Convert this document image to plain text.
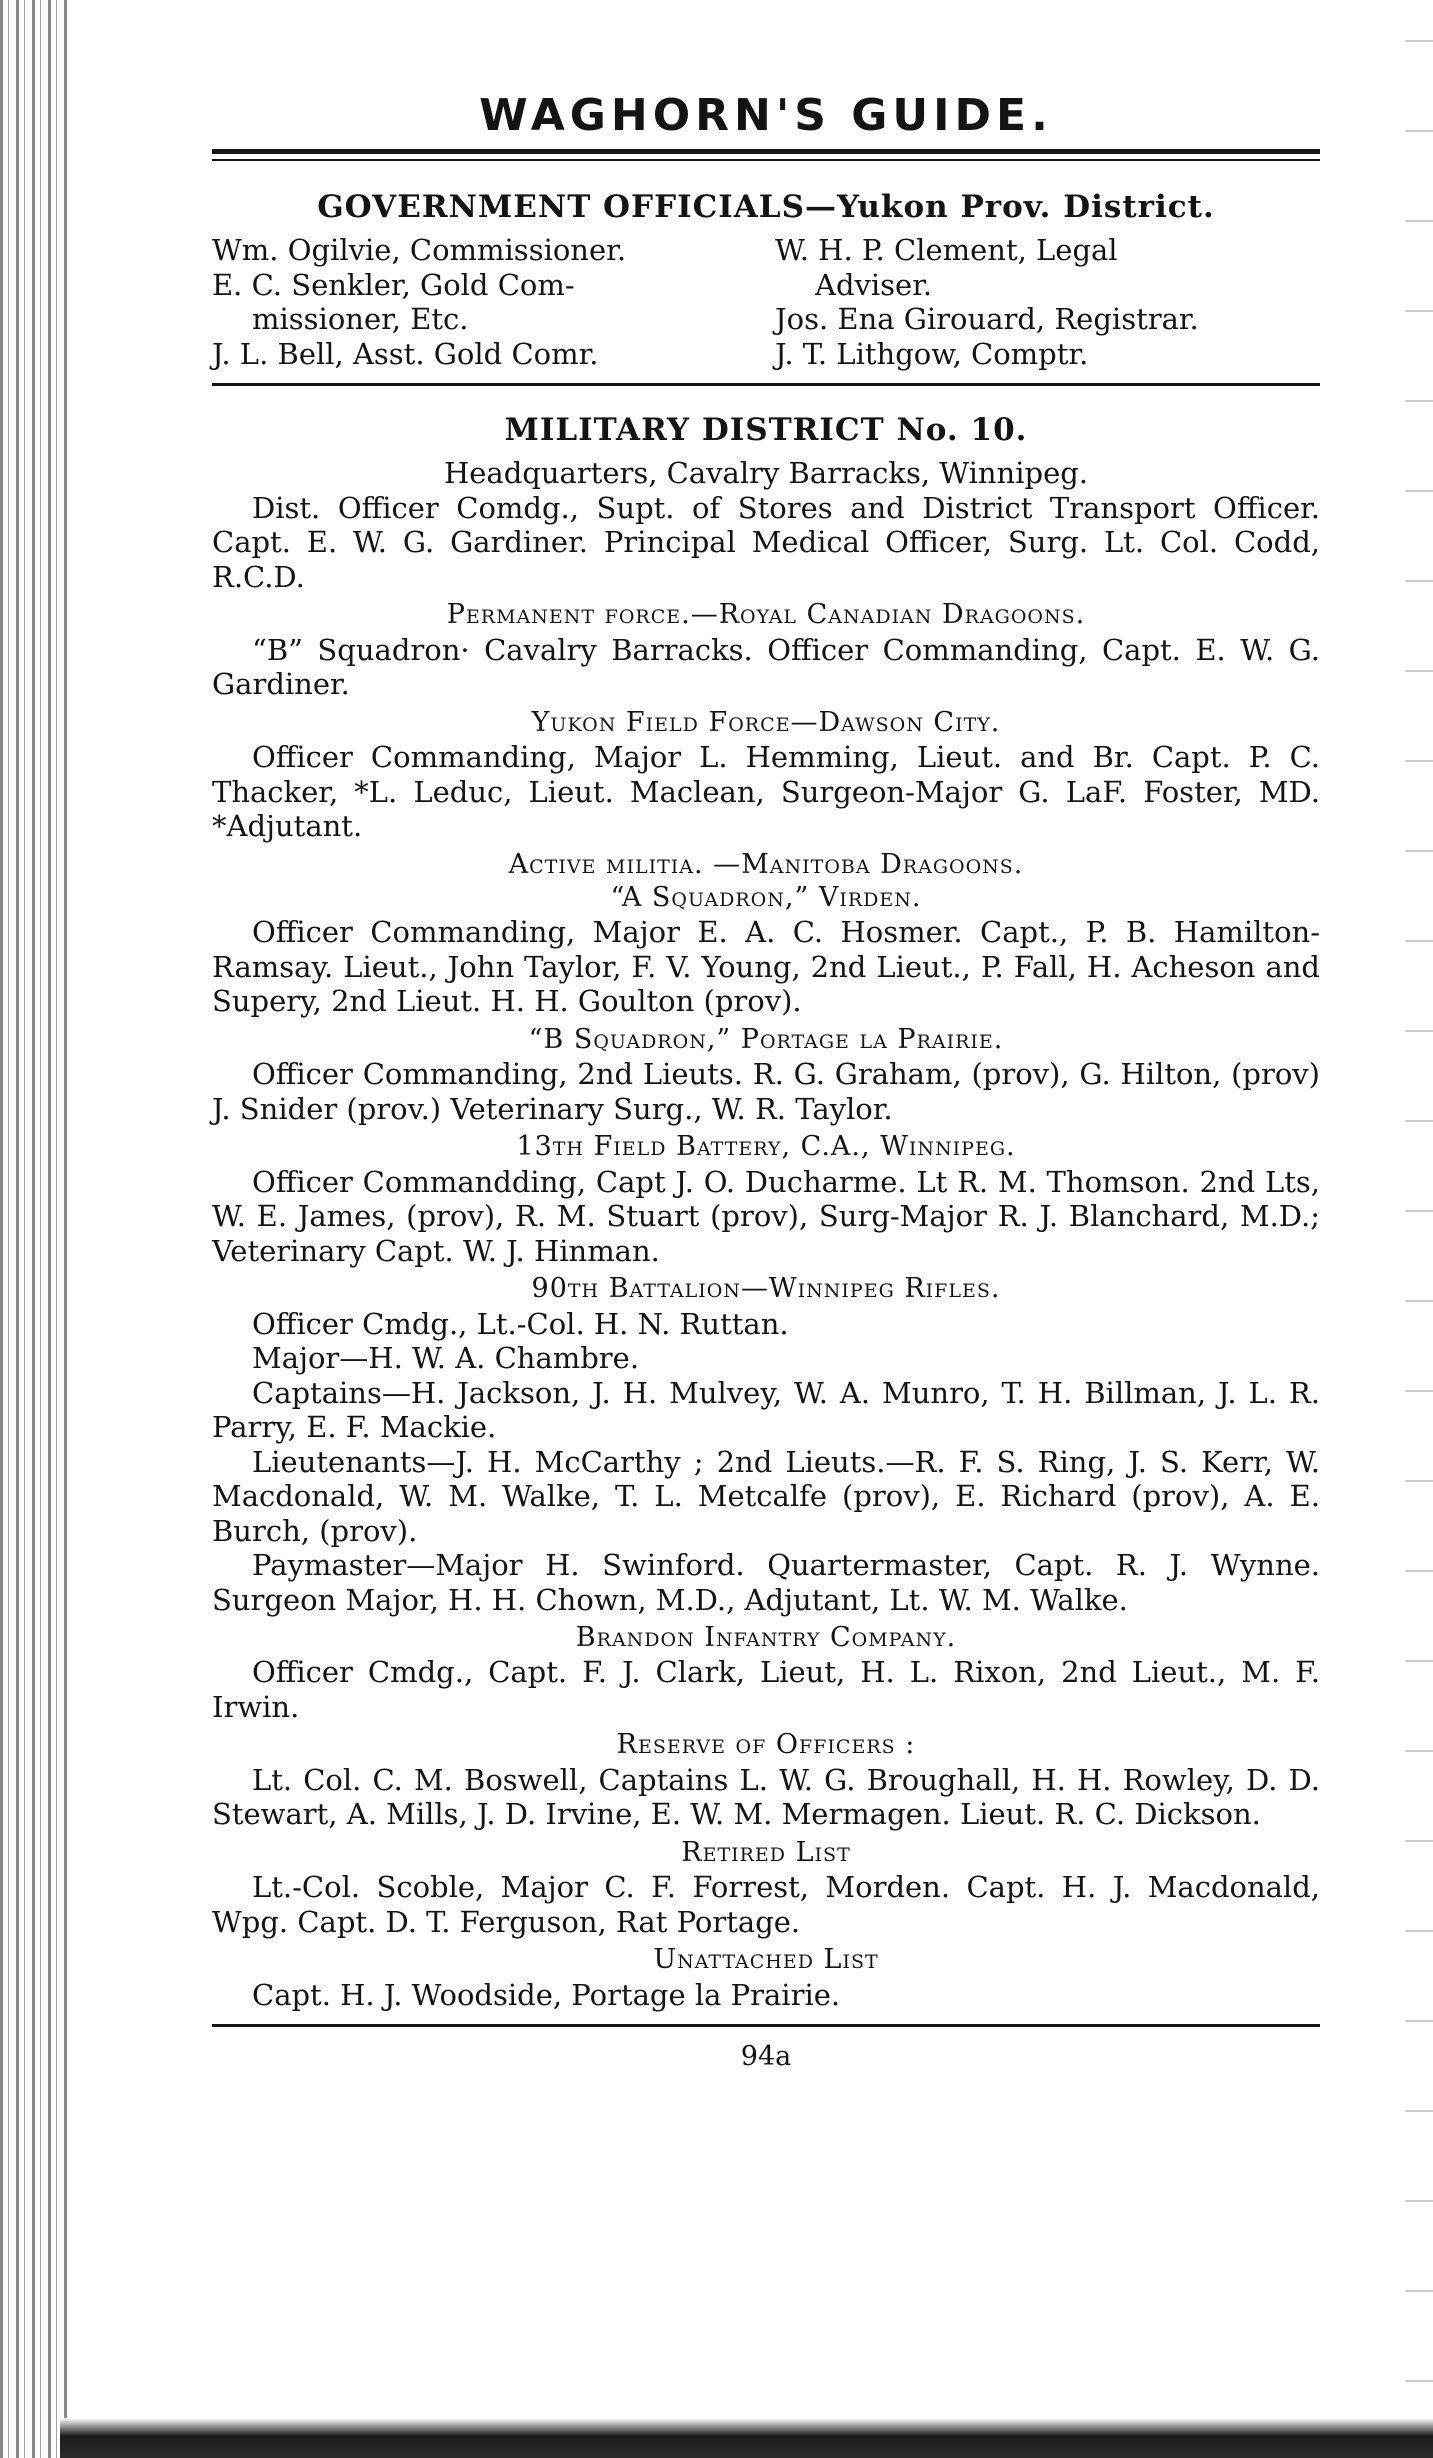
WAGHORN'S GUIDE.
GOVERNMENT OFFICIALS—Yukon Prov. District.
Wm. Ogilvie, Commissioner.
E. C. Senkler, Gold Com-
missioner, Etc.
J. L. Bell, Asst. Gold Comr.
W. H. P. Clement, Legal
Adviser.
Jos. Ena Girouard, Registrar.
J. T. Lithgow, Comptr.
MILITARY DISTRICT No. 10.

Headquarters, Cavalry Barracks, Winnipeg.

Dist. Officer Comdg., Supt. of Stores and District Transport Officer. Capt. E. W. G. Gardiner. Principal Medical Officer, Surg. Lt. Col. Codd, R.C.D.

Permanent force.—Royal Canadian Dragoons.

“B” Squadron· Cavalry Barracks. Officer Commanding, Capt. E. W. G. Gardiner.

Yukon Field Force—Dawson City.

Officer Commanding, Major L. Hemming, Lieut. and Br. Capt. P. C. Thacker, *L. Leduc, Lieut. Maclean, Surgeon-Major G. LaF. Foster, MD. *Adjutant.

Active militia. —Manitoba Dragoons.
“A Squadron,” Virden.

Officer Commanding, Major E. A. C. Hosmer. Capt., P. B. Hamilton-Ramsay. Lieut., John Taylor, F. V. Young, 2nd Lieut., P. Fall, H. Acheson and Supery, 2nd Lieut. H. H. Goulton (prov).

“B Squadron,” Portage la Prairie.

Officer Commanding, 2nd Lieuts. R. G. Graham, (prov), G. Hilton, (prov) J. Snider (prov.) Veterinary Surg., W. R. Taylor.

13th Field Battery, C.A., Winnipeg.

Officer Commandding, Capt J. O. Ducharme. Lt R. M. Thomson. 2nd Lts, W. E. James, (prov), R. M. Stuart (prov), Surg-Major R. J. Blanchard, M.D.; Veterinary Capt. W. J. Hinman.

90th Battalion—Winnipeg Rifles.

Officer Cmdg., Lt.-Col. H. N. Ruttan.

Major—H. W. A. Chambre.

Captains—H. Jackson, J. H. Mulvey, W. A. Munro, T. H. Billman, J. L. R. Parry, E. F. Mackie.

Lieutenants—J. H. McCarthy ; 2nd Lieuts.—R. F. S. Ring, J. S. Kerr, W. Macdonald, W. M. Walke, T. L. Metcalfe (prov), E. Richard (prov), A. E. Burch, (prov).

Paymaster—Major H. Swinford. Quartermaster, Capt. R. J. Wynne. Surgeon Major, H. H. Chown, M.D., Adjutant, Lt. W. M. Walke.

Brandon Infantry Company.

Officer Cmdg., Capt. F. J. Clark, Lieut, H. L. Rixon, 2nd Lieut., M. F. Irwin.

Reserve of Officers :

Lt. Col. C. M. Boswell, Captains L. W. G. Broughall, H. H. Rowley, D. D. Stewart, A. Mills, J. D. Irvine, E. W. M. Mermagen. Lieut. R. C. Dickson.

Retired List

Lt.-Col. Scoble, Major C. F. Forrest, Morden. Capt. H. J. Macdonald, Wpg. Capt. D. T. Ferguson, Rat Portage.

Unattached List

Capt. H. J. Woodside, Portage la Prairie.

94a
